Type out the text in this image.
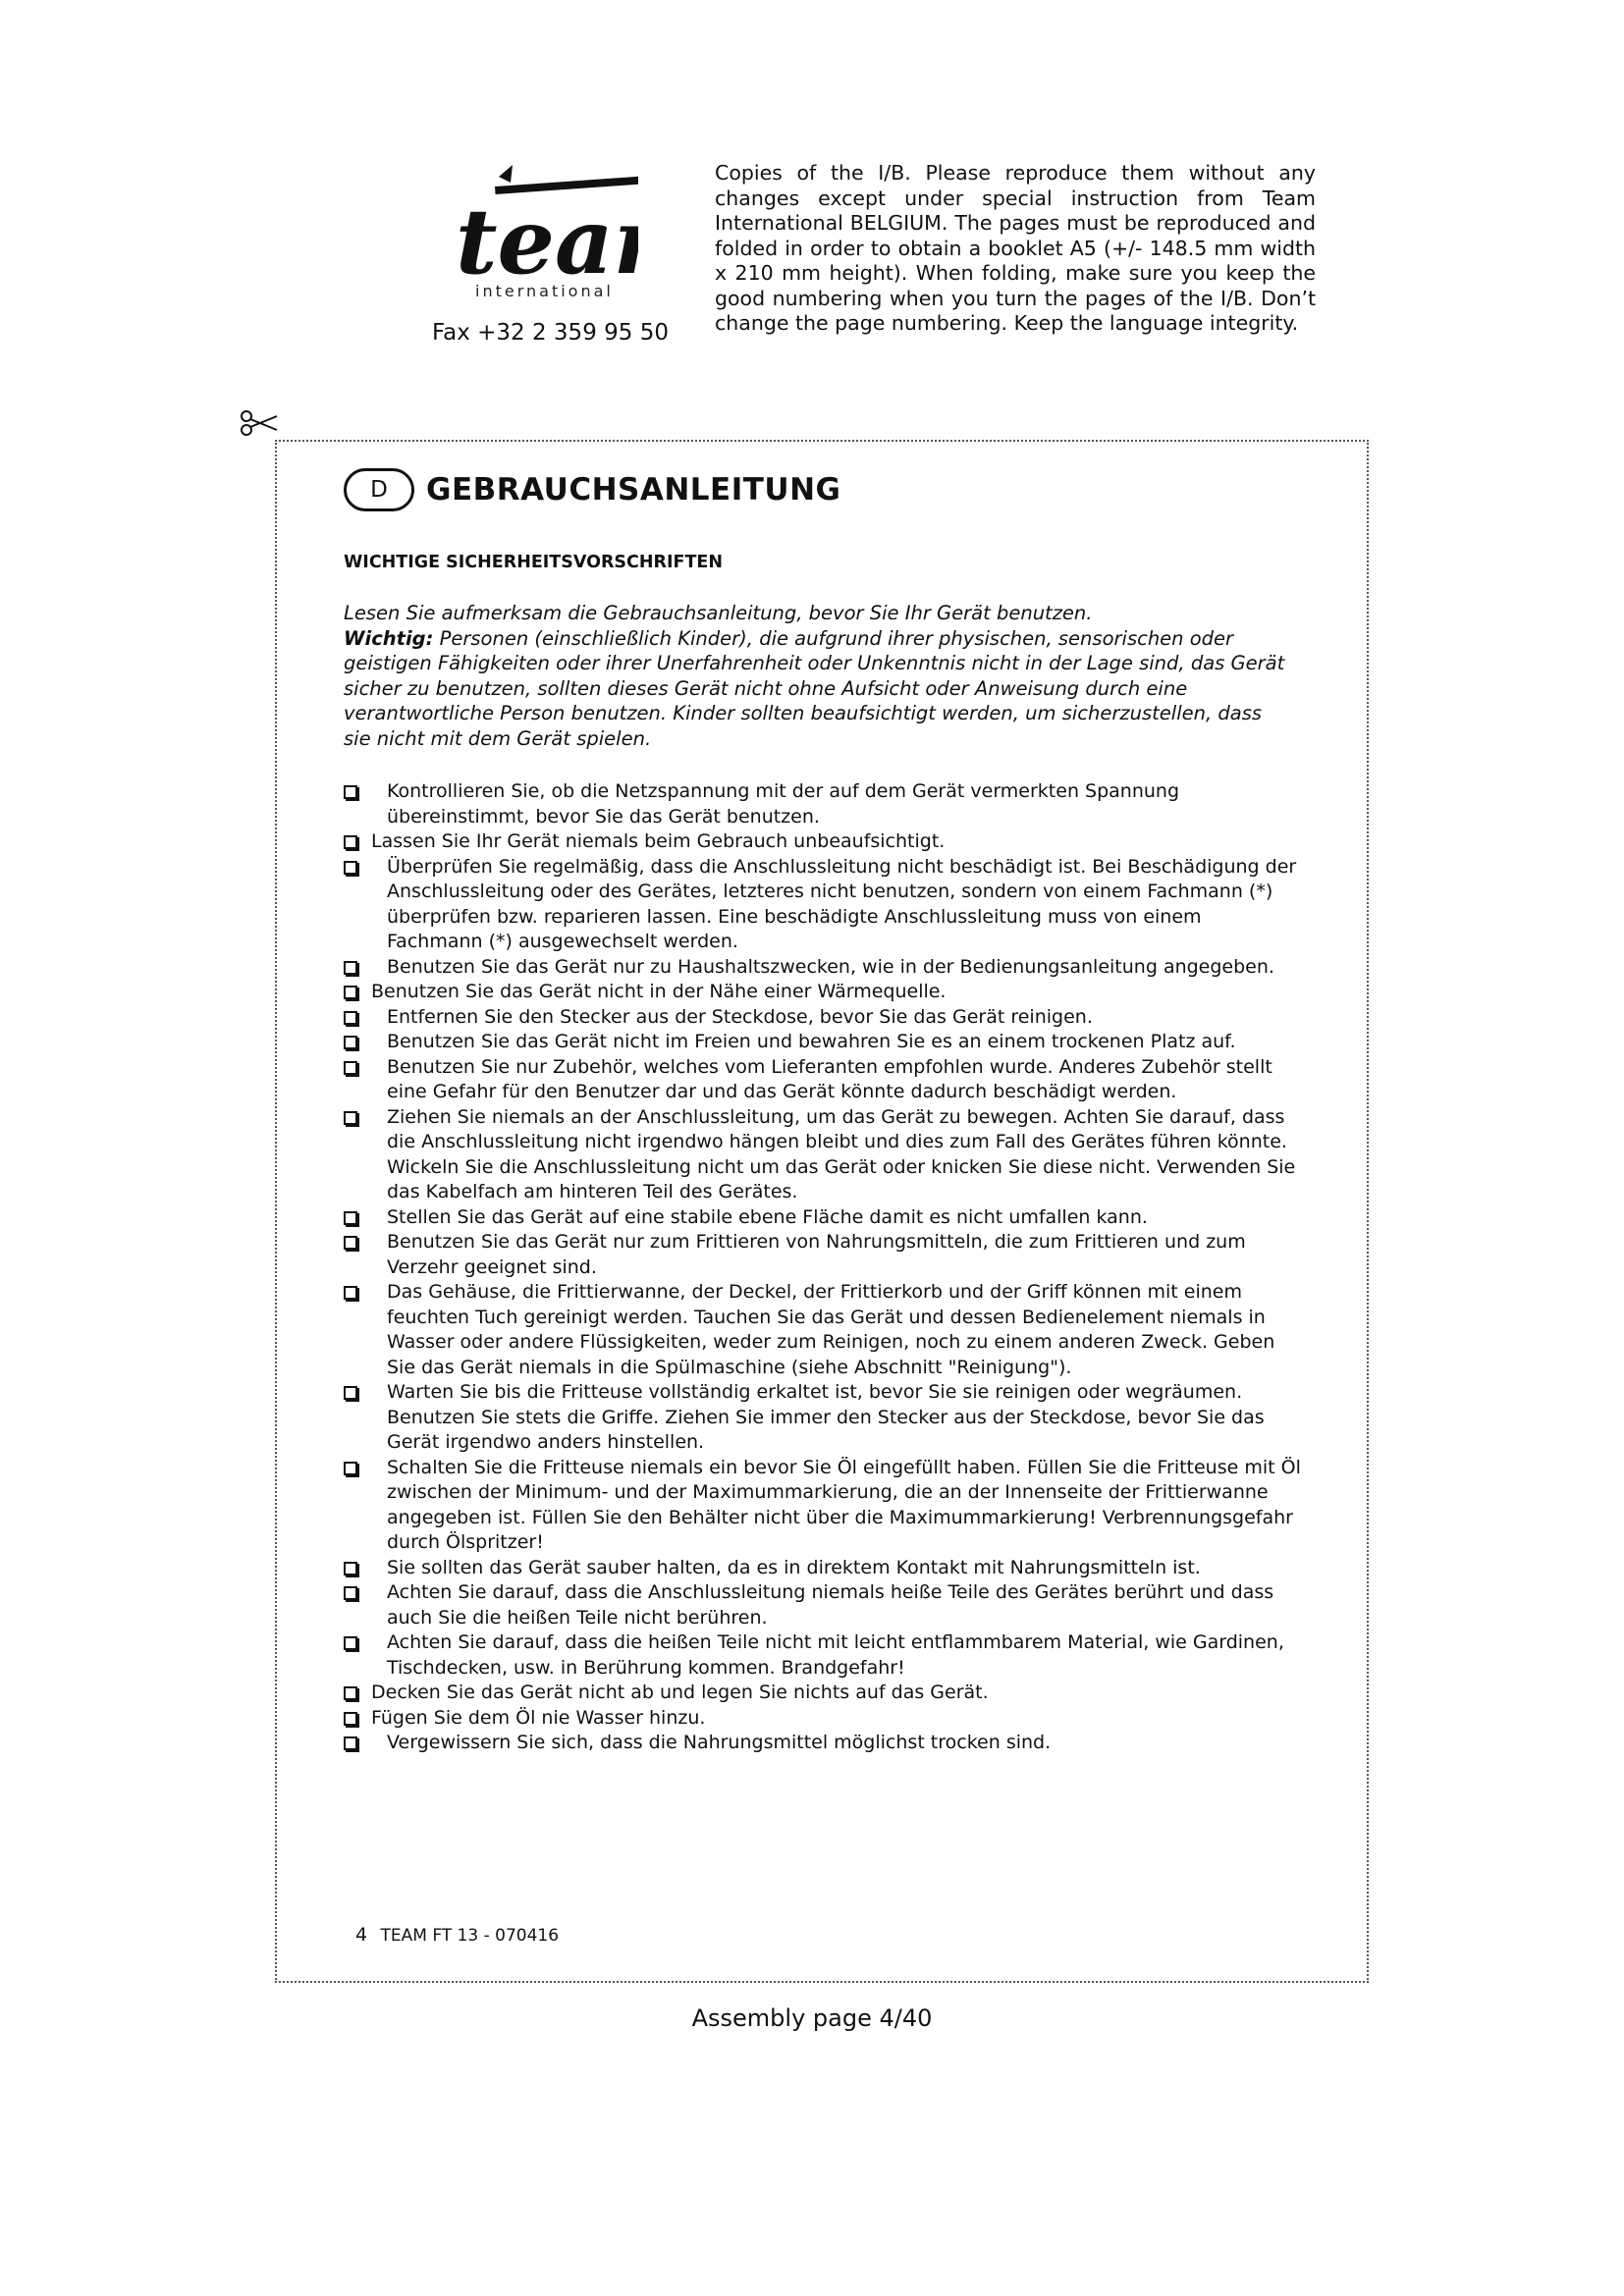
tea
international
Fax +32 2 359 95 50
Copies of the I/B. Please reproduce them without any changes except under special instruction from Team International BELGIUM. The pages must be reproduced and folded in order to obtain a booklet A5 (+/- 148.5 mm width x 210 mm height). When folding, make sure you keep the good numbering when you turn the pages of the I/B. Don’t change the page numbering. Keep the language integrity.
D	GEBRAUCHSANLEITUNG
WICHTIGE SICHERHEITSVORSCHRIFTEN
Lesen Sie aufmerksam die Gebrauchsanleitung, bevor Sie Ihr Gerät benutzen.
Wichtig: Personen (einschließlich Kinder), die aufgrund ihrer physischen, sensorischen oder geistigen Fähigkeiten oder ihrer Unerfahrenheit oder Unkenntnis nicht in der Lage sind, das Gerät sicher zu benutzen, sollten dieses Gerät nicht ohne Aufsicht oder Anweisung durch eine verantwortliche Person benutzen. Kinder sollten beaufsichtigt werden, um sicherzustellen, dass sie nicht mit dem Gerät spielen.
Kontrollieren Sie, ob die Netzspannung mit der auf dem Gerät vermerkten Spannung übereinstimmt, bevor Sie das Gerät benutzen.
Lassen Sie Ihr Gerät niemals beim Gebrauch unbeaufsichtigt.
Überprüfen Sie regelmäßig, dass die Anschlussleitung nicht beschädigt ist. Bei Beschädigung der Anschlussleitung oder des Gerätes, letzteres nicht benutzen, sondern von einem Fachmann (*) überprüfen bzw. reparieren lassen. Eine beschädigte Anschlussleitung muss von einem Fachmann (*) ausgewechselt werden.
Benutzen Sie das Gerät nur zu Haushaltszwecken, wie in der Bedienungsanleitung angegeben.
Benutzen Sie das Gerät nicht in der Nähe einer Wärmequelle.
Entfernen Sie den Stecker aus der Steckdose, bevor Sie das Gerät reinigen.
Benutzen Sie das Gerät nicht im Freien und bewahren Sie es an einem trockenen Platz auf.
Benutzen Sie nur Zubehör, welches vom Lieferanten empfohlen wurde. Anderes Zubehör stellt eine Gefahr für den Benutzer dar und das Gerät könnte dadurch beschädigt werden.
Ziehen Sie niemals an der Anschlussleitung, um das Gerät zu bewegen. Achten Sie darauf, dass die Anschlussleitung nicht irgendwo hängen bleibt und dies zum Fall des Gerätes führen könnte. Wickeln Sie die Anschlussleitung nicht um das Gerät oder knicken Sie diese nicht. Verwenden Sie das Kabelfach am hinteren Teil des Gerätes.
Stellen Sie das Gerät auf eine stabile ebene Fläche damit es nicht umfallen kann.
Benutzen Sie das Gerät nur zum Frittieren von Nahrungsmitteln, die zum Frittieren und zum Verzehr geeignet sind.
Das Gehäuse, die Frittierwanne, der Deckel, der Frittierkorb und der Griff können mit einem feuchten Tuch gereinigt werden. Tauchen Sie das Gerät und dessen Bedienelement niemals in Wasser oder andere Flüssigkeiten, weder zum Reinigen, noch zu einem anderen Zweck. Geben Sie das Gerät niemals in die Spülmaschine (siehe Abschnitt "Reinigung").
Warten Sie bis die Fritteuse vollständig erkaltet ist, bevor Sie sie reinigen oder wegräumen. Benutzen Sie stets die Griffe. Ziehen Sie immer den Stecker aus der Steckdose, bevor Sie das Gerät irgendwo anders hinstellen.
Schalten Sie die Fritteuse niemals ein bevor Sie Öl eingefüllt haben. Füllen Sie die Fritteuse mit Öl zwischen der Minimum- und der Maximummarkierung, die an der Innenseite der Frittierwanne angegeben ist. Füllen Sie den Behälter nicht über die Maximummarkierung! Verbrennungsgefahr durch Ölspritzer!
Sie sollten das Gerät sauber halten, da es in direktem Kontakt mit Nahrungsmitteln ist.
Achten Sie darauf, dass die Anschlussleitung niemals heiße Teile des Gerätes berührt und dass auch Sie die heißen Teile nicht berühren.
Achten Sie darauf, dass die heißen Teile nicht mit leicht entflammbarem Material, wie Gardinen, Tischdecken, usw. in Berührung kommen. Brandgefahr!
Decken Sie das Gerät nicht ab und legen Sie nichts auf das Gerät.
Fügen Sie dem Öl nie Wasser hinzu.
Vergewissern Sie sich, dass die Nahrungsmittel möglichst trocken sind.
4 TEAM FT 13 - 070416
Assembly page 4/40
